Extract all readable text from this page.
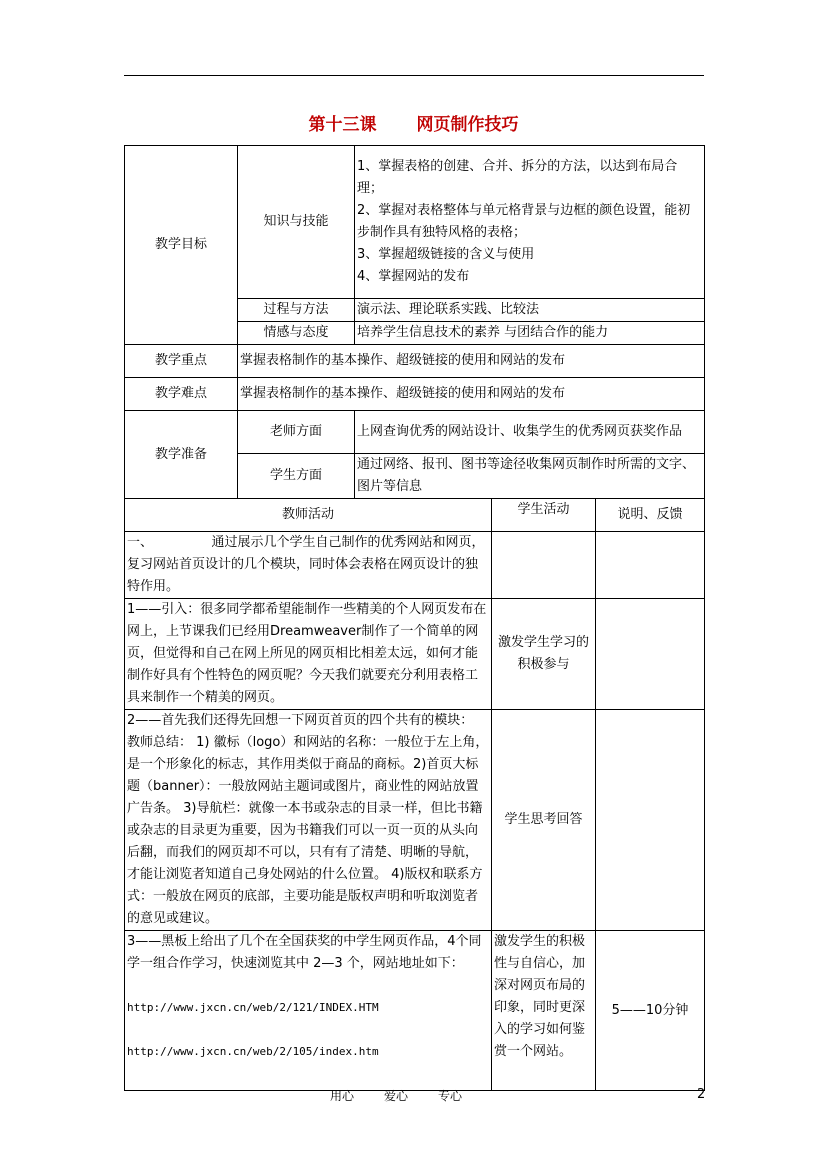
第十三课 网页制作技巧
教学目标	知识与技能	1、掌握表格的创建、合并、拆分的方法，以达到布局合理；
2、掌握对表格整体与单元格背景与边框的颜色设置，能初步制作具有独特风格的表格；
3、掌握超级链接的含义与使用
4、掌握网站的发布		

	过程与方法	演示法、理论联系实践、比较法		
	情感与态度	培养学生信息技术的素养 与团结合作的能力		
教学重点	掌握表格制作的基本操作、超级链接的使用和网站的发布			
教学难点	掌握表格制作的基本操作、超级链接的使用和网站的发布			
教学准备	老师方面	上网查询优秀的网站设计、收集学生的优秀网页获奖作品		
	学生方面	通过网络、报刊、图书等途径收集网页制作时所需的文字、图片等信息		
教师活动			学生活动	说明、反馈
一、　　　　　通过展示几个学生自己制作的优秀网站和网页，复习网站首页设计的几个模块，同时体会表格在网页设计的独特作用。				
1——引入：很多同学都希望能制作一些精美的个人网页发布在网上，上节课我们已经用Dreamweaver制作了一个简单的网页，但觉得和自己在网上所见的网页相比相差太远，如何才能制作好具有个性特色的网页呢？今天我们就要充分利用表格工具来制作一个精美的网页。			激发学生学习的积极参与	
2——首先我们还得先回想一下网页首页的四个共有的模块：　教师总结： 1) 徽标（logo）和网站的名称：一般位于左上角，是一个形象化的标志，其作用类似于商品的商标。2)首页大标题（banner）：一般放网站主题词或图片，商业性的网站放置广告条。 3)导航栏：就像一本书或杂志的目录一样，但比书籍或杂志的目录更为重要，因为书籍我们可以一页一页的从头向后翻，而我们的网页却不可以，只有有了清楚、明晰的导航，才能让浏览者知道自己身处网站的什么位置。 4)版权和联系方式：一般放在网页的底部，主要功能是版权声明和听取浏览者的意见或建议。			学生思考回答	

3——黑板上给出了几个在全国获奖的中学生网页作品，4个同学一组合作学习，快速浏览其中 2—3 个，网站地址如下：

http://www.jxcn.cn/web/2/121/INDEX.HTM

http://www.jxcn.cn/web/2/105/index.htm			激发学生的积极性与自信心，加深对网页布局的印象，同时更深入的学习如何鉴赏一个网站。	5——10分钟
用心	爱心	专心	2
